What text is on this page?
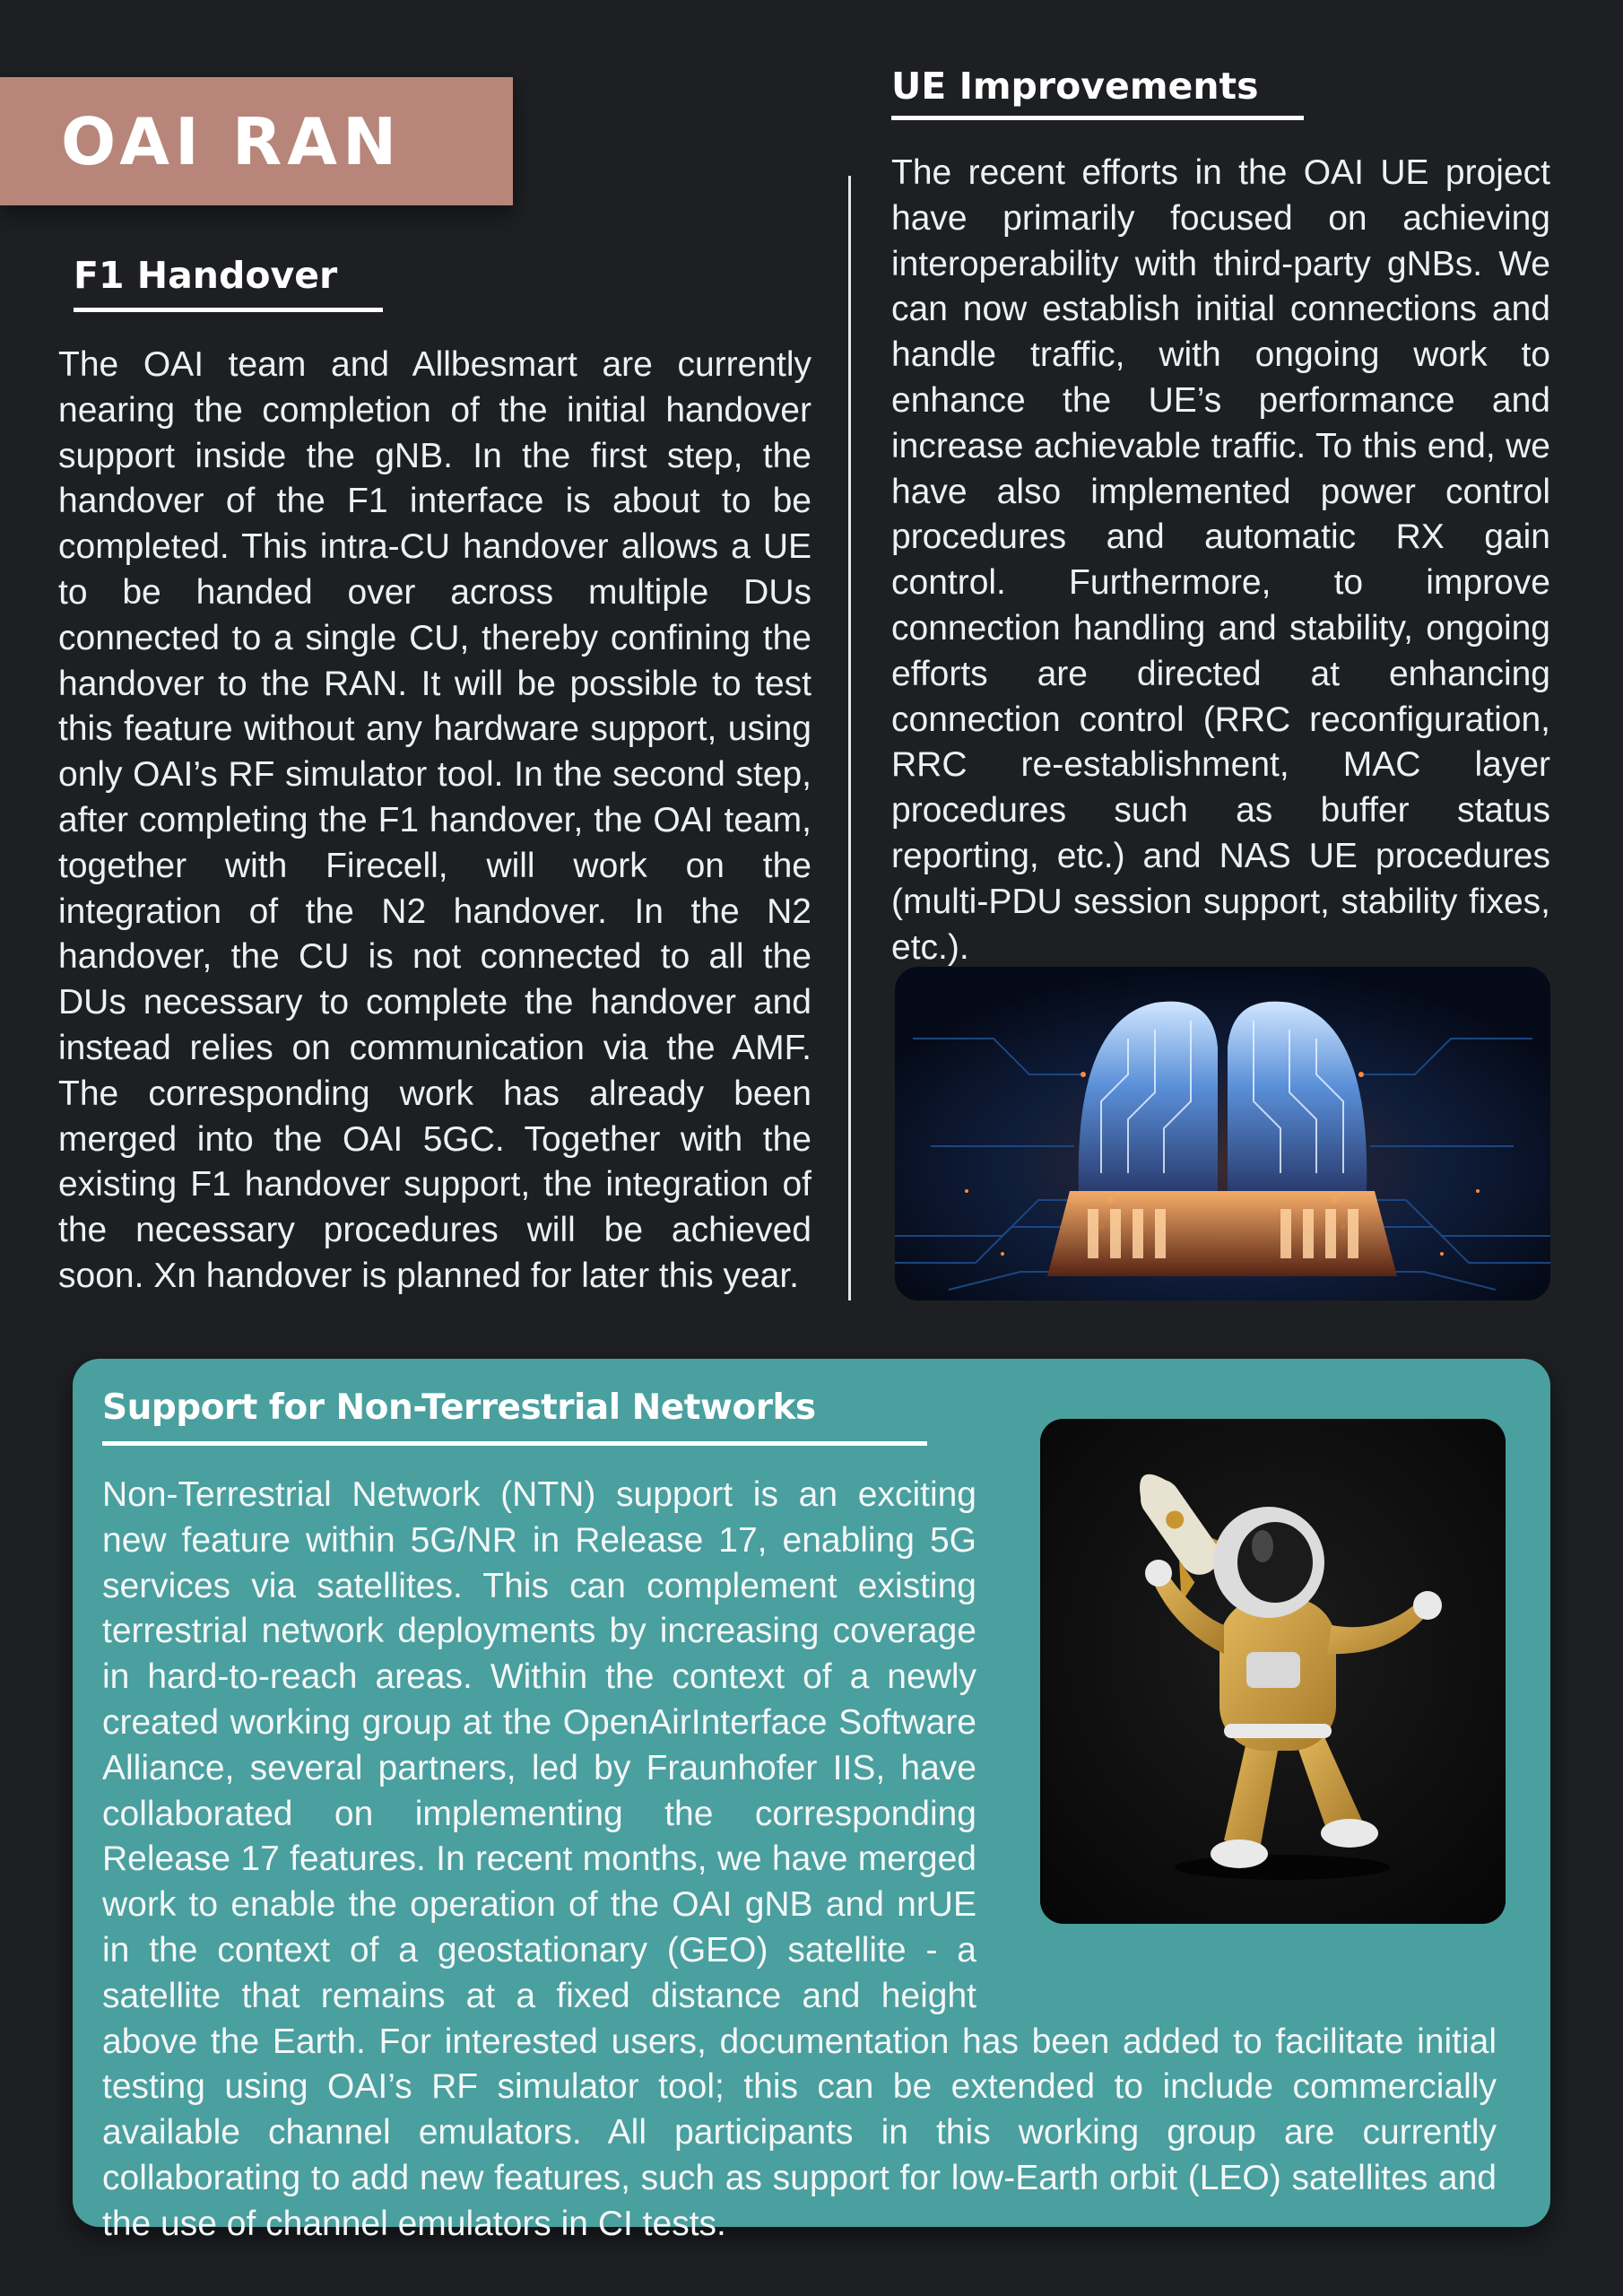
OAI RAN
F1 Handover
The OAI team and Allbesmart are currently nearing the completion of the initial handover support inside the gNB. In the first step, the handover of the F1 interface is about to be completed. This intra-CU handover allows a UE to be handed over across multiple DUs connected to a single CU, thereby confining the handover to the RAN. It will be possible to test this feature without any hardware support, using only OAI’s RF simulator tool. In the second step, after completing the F1 handover, the OAI team, together with Firecell, will work on the integration of the N2 handover. In the N2 handover, the CU is not connected to all the DUs necessary to complete the handover and instead relies on communication via the AMF. The corresponding work has already been merged into the OAI 5GC. Together with the existing F1 handover support, the integration of the necessary procedures will be achieved soon. Xn handover is planned for later this year.
UE Improvements
The recent efforts in the OAI UE project have primarily focused on achieving interoperability with third-party gNBs. We can now establish initial connections and handle traffic, with ongoing work to enhance the UE’s performance and increase achievable traffic. To this end, we have also implemented power control procedures and automatic RX gain control. Furthermore, to improve connection handling and stability, ongoing efforts are directed at enhancing connection control (RRC reconfiguration, RRC re-establishment, MAC layer procedures such as buffer status reporting, etc.) and NAS UE procedures (multi-PDU session support, stability fixes, etc.).
Support for Non-Terrestrial Networks
Non-Terrestrial Network (NTN) support is an exciting new feature within 5G/NR in Release 17, enabling 5G services via satellites. This can complement existing terrestrial network deployments by increasing coverage in hard-to-reach areas. Within the context of a newly created working group at the OpenAirInterface Software Alliance, several partners, led by Fraunhofer IIS, have collaborated on implementing the corresponding Release 17 features. In recent months, we have merged work to enable the operation of the OAI gNB and nrUE in the context of a geostationary (GEO) satellite - a satellite that remains at a fixed distance and height above the Earth. For interested users, documentation has been added to facilitate initial testing using OAI’s RF simulator tool; this can be extended to include commercially available channel emulators. All participants in this working group are currently collaborating to add new features, such as support for low-Earth orbit (LEO) satellites and the use of channel emulators in CI tests.
